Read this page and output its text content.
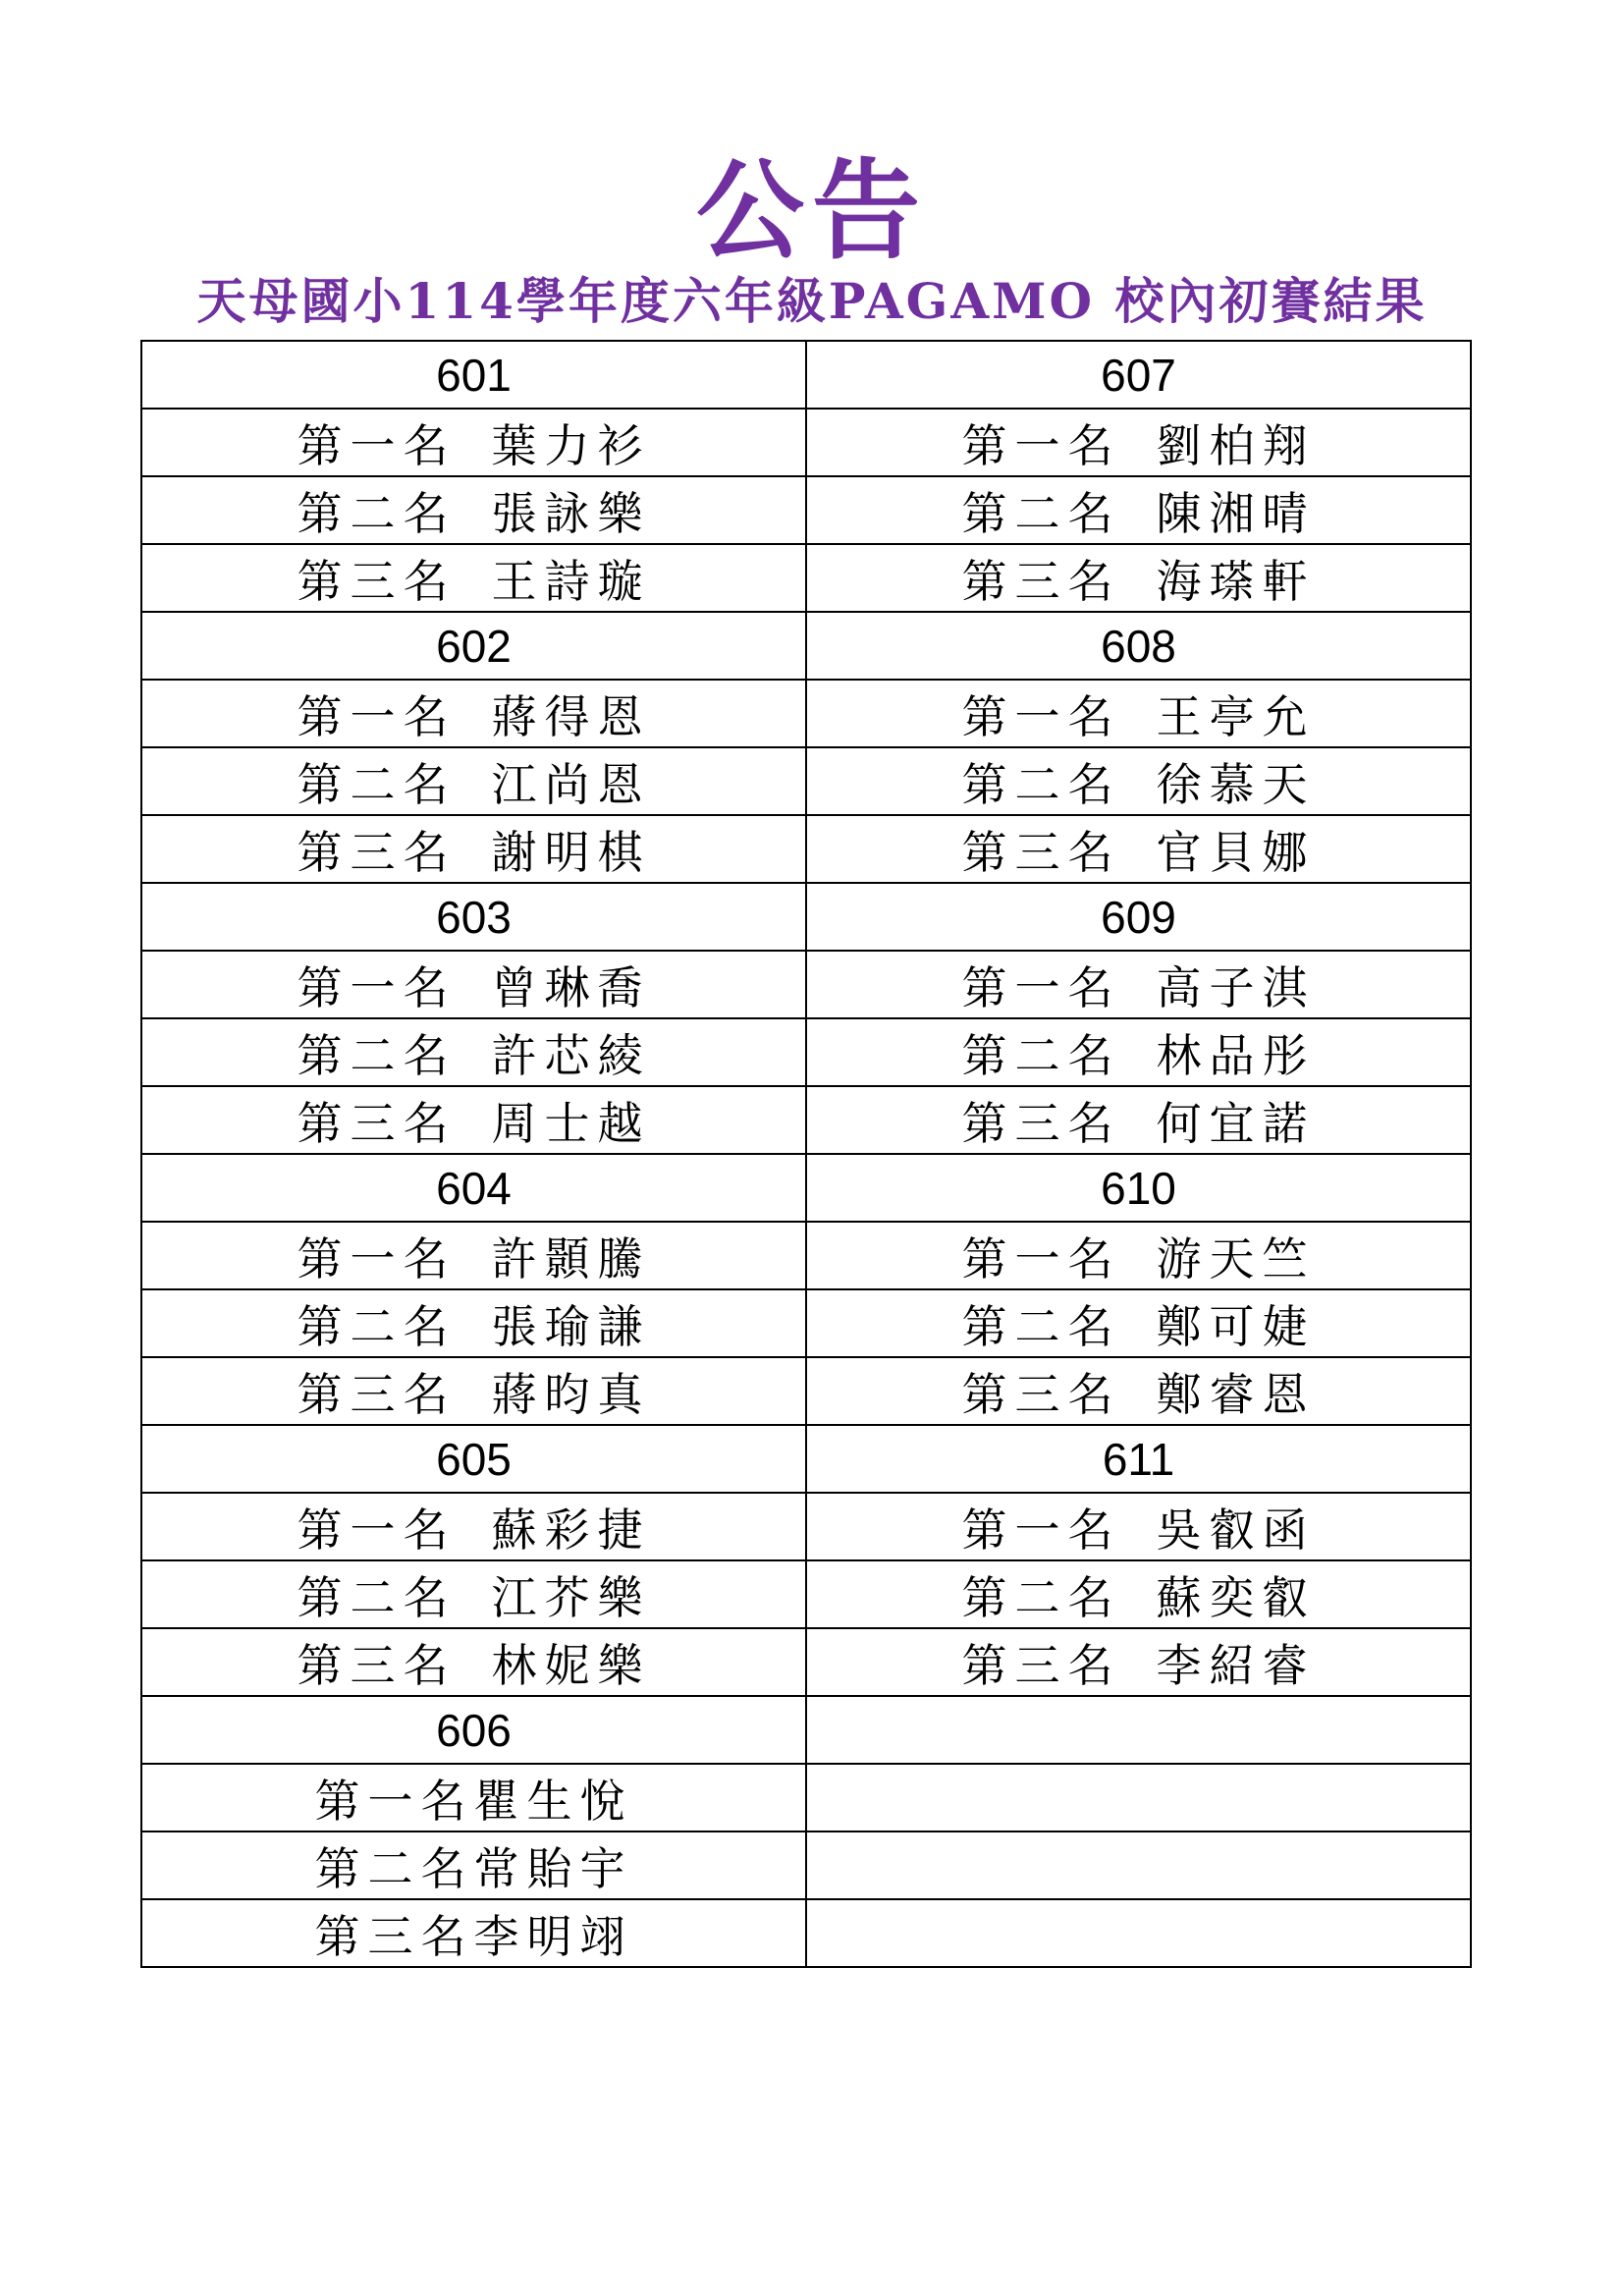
公告
天母國小114學年度六年級PAGAMO 校內初賽結果
601	607
第一名 葉力衫	第一名 劉柏翔
第二名 張詠樂	第二名 陳湘晴
第三名 王詩璇	第三名 海瑹軒
602	608
第一名 蔣得恩	第一名 王亭允
第二名 江尚恩	第二名 徐慕天
第三名 謝明棋	第三名 官貝娜
603	609
第一名 曾琳喬	第一名 高子淇
第二名 許芯綾	第二名 林品彤
第三名 周士越	第三名 何宜諾
604	610
第一名 許顥騰	第一名 游天竺
第二名 張瑜謙	第二名 鄭可婕
第三名 蔣昀真	第三名 鄭睿恩
605	611
第一名 蘇彩捷	第一名 吳叡函
第二名 江芥樂	第二名 蘇奕叡
第三名 林妮樂	第三名 李紹睿
606	
第一名瞿生悅	
第二名常貽宇	
第三名李明翊	
